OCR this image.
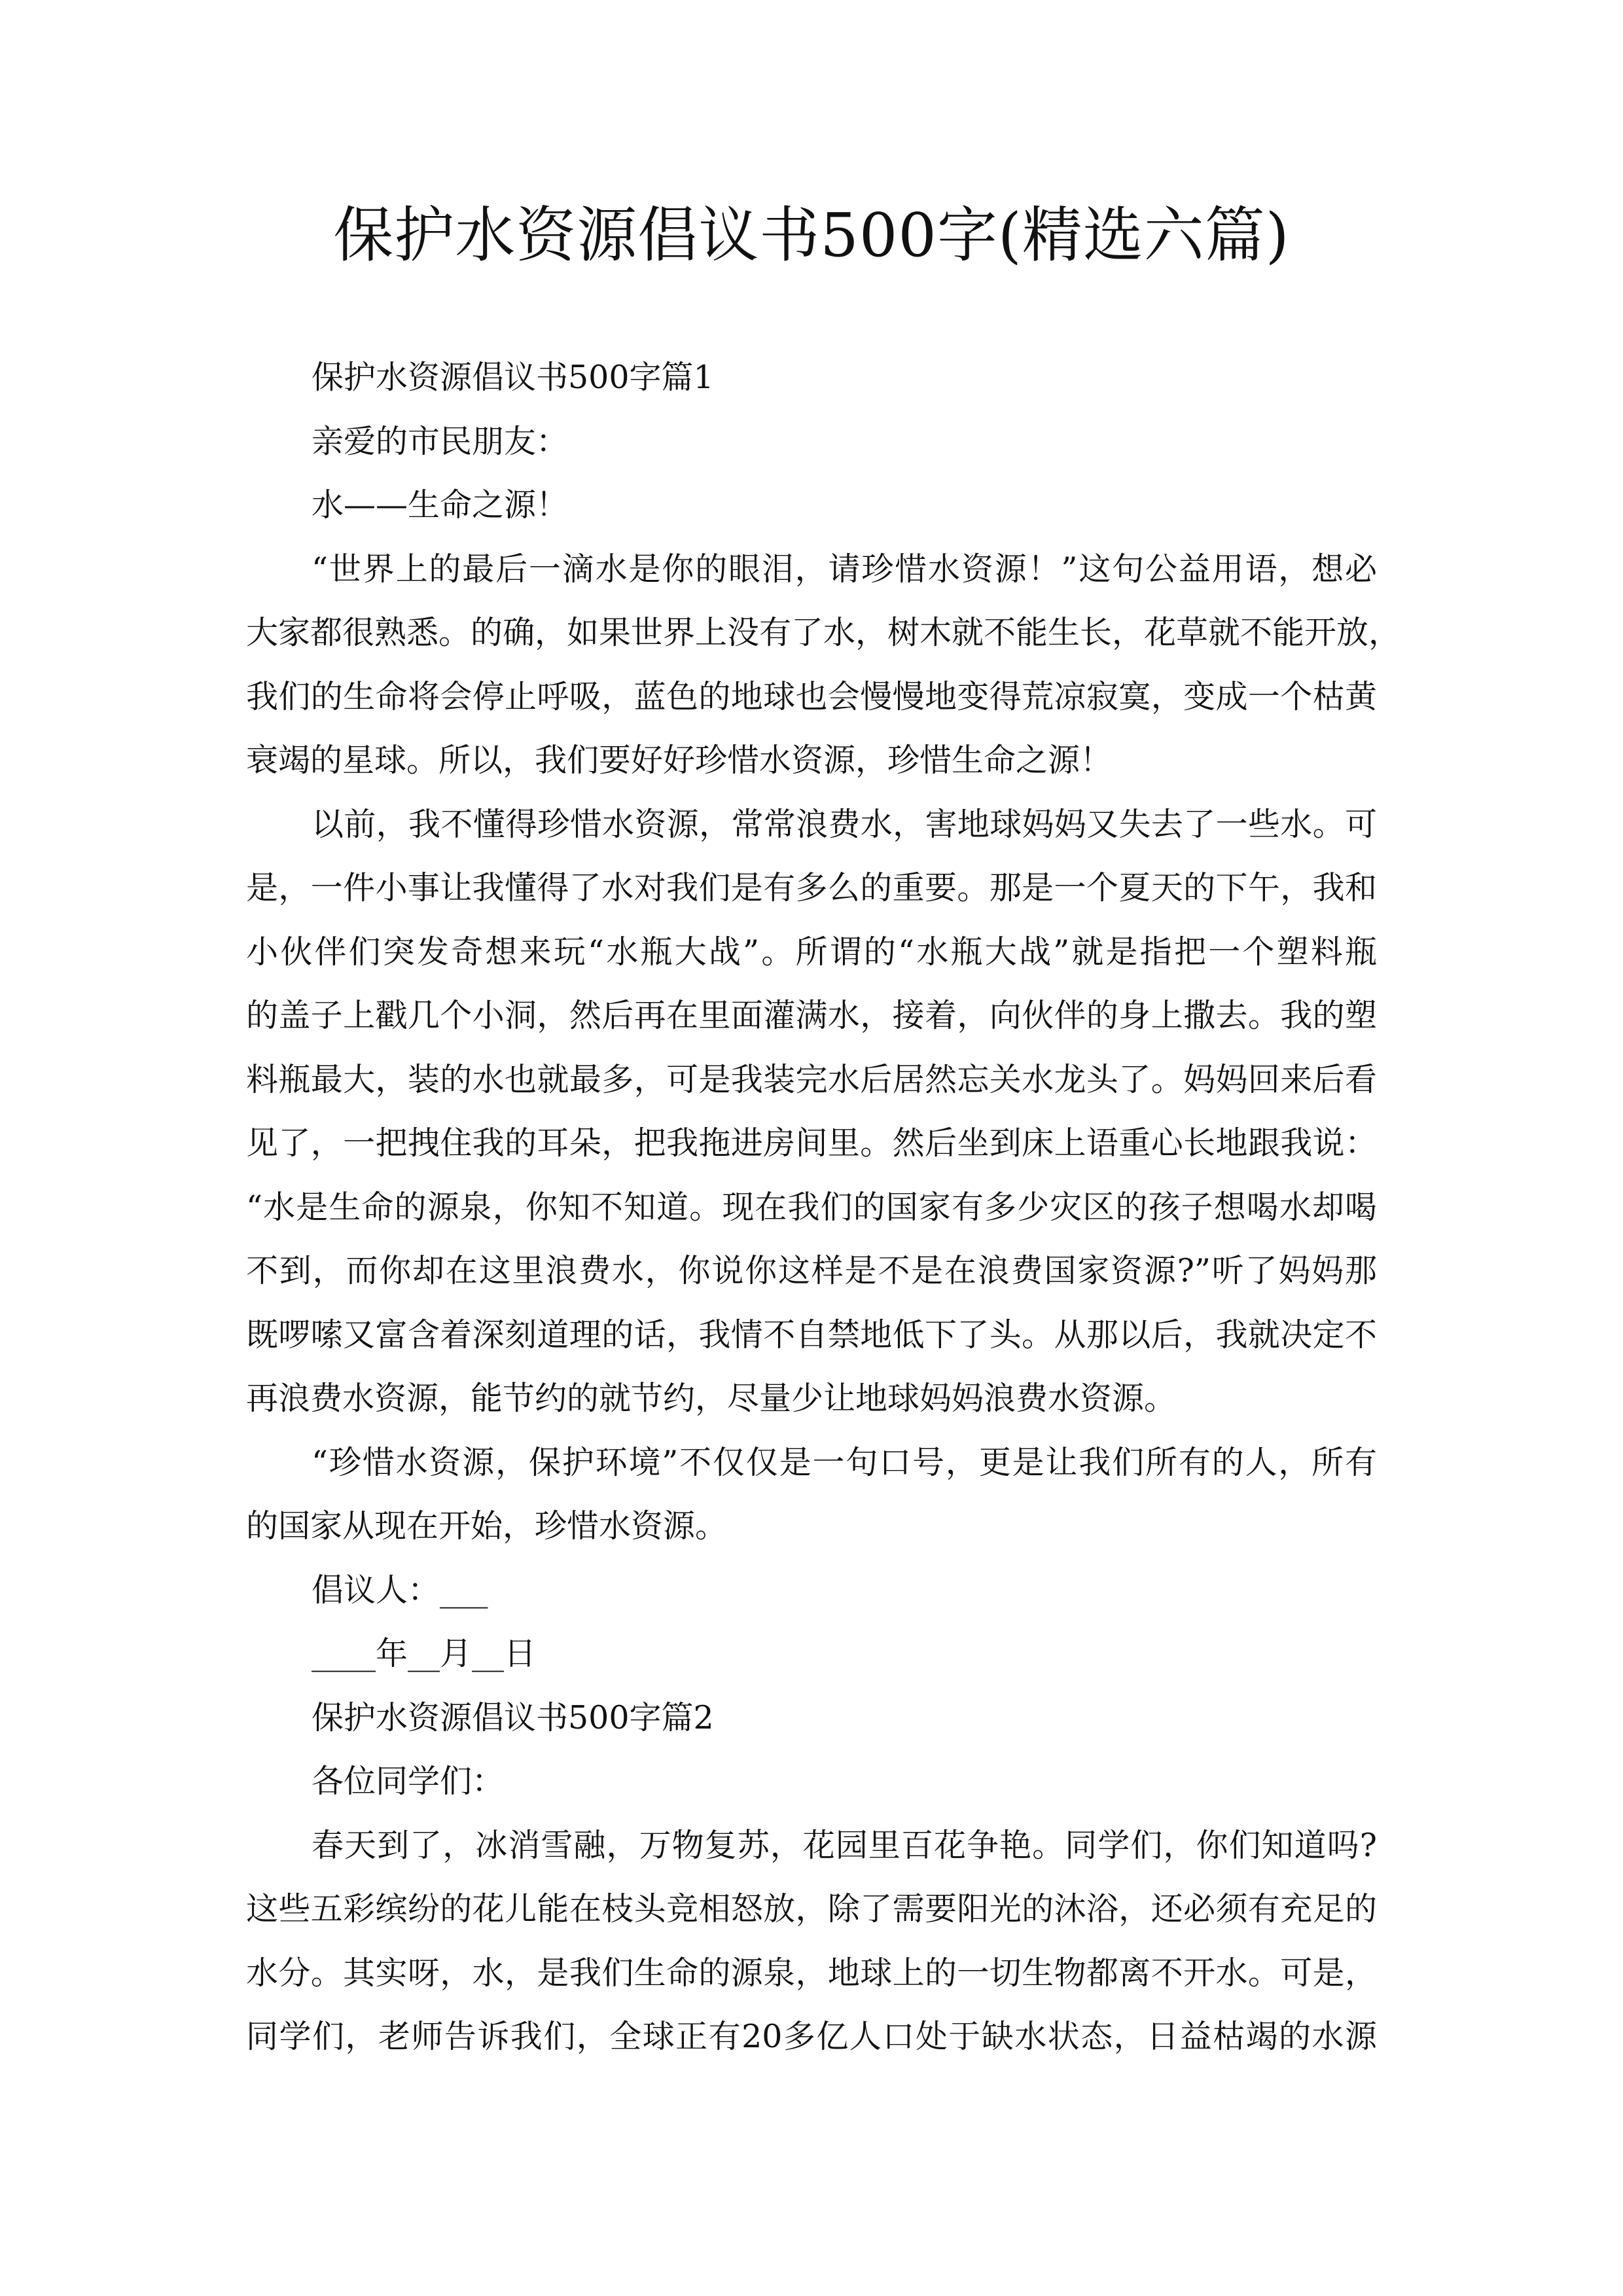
保护水资源倡议书500字(精选六篇)
保护水资源倡议书500字篇1
亲爱的市民朋友：
水——生命之源！
“世界上的最后一滴水是你的眼泪，请珍惜水资源！”这句公益用语，想必
大家都很熟悉。的确，如果世界上没有了水，树木就不能生长，花草就不能开放，
我们的生命将会停止呼吸，蓝色的地球也会慢慢地变得荒凉寂寞，变成一个枯黄
衰竭的星球。所以，我们要好好珍惜水资源，珍惜生命之源！
以前，我不懂得珍惜水资源，常常浪费水，害地球妈妈又失去了一些水。可
是，一件小事让我懂得了水对我们是有多么的重要。那是一个夏天的下午，我和
小伙伴们突发奇想来玩“水瓶大战”。所谓的“水瓶大战”就是指把一个塑料瓶
的盖子上戳几个小洞，然后再在里面灌满水，接着，向伙伴的身上撒去。我的塑
料瓶最大，装的水也就最多，可是我装完水后居然忘关水龙头了。妈妈回来后看
见了，一把拽住我的耳朵，把我拖进房间里。然后坐到床上语重心长地跟我说：
“水是生命的源泉，你知不知道。现在我们的国家有多少灾区的孩子想喝水却喝
不到，而你却在这里浪费水，你说你这样是不是在浪费国家资源?”听了妈妈那
既啰嗦又富含着深刻道理的话，我情不自禁地低下了头。从那以后，我就决定不
再浪费水资源，能节约的就节约，尽量少让地球妈妈浪费水资源。
“珍惜水资源，保护环境”不仅仅是一句口号，更是让我们所有的人，所有
的国家从现在开始，珍惜水资源。
倡议人：___
____年__月__日
保护水资源倡议书500字篇2
各位同学们：
春天到了，冰消雪融，万物复苏，花园里百花争艳。同学们，你们知道吗?
这些五彩缤纷的花儿能在枝头竞相怒放，除了需要阳光的沐浴，还必须有充足的
水分。其实呀，水，是我们生命的源泉，地球上的一切生物都离不开水。可是，
同学们，老师告诉我们，全球正有20多亿人口处于缺水状态，日益枯竭的水源
